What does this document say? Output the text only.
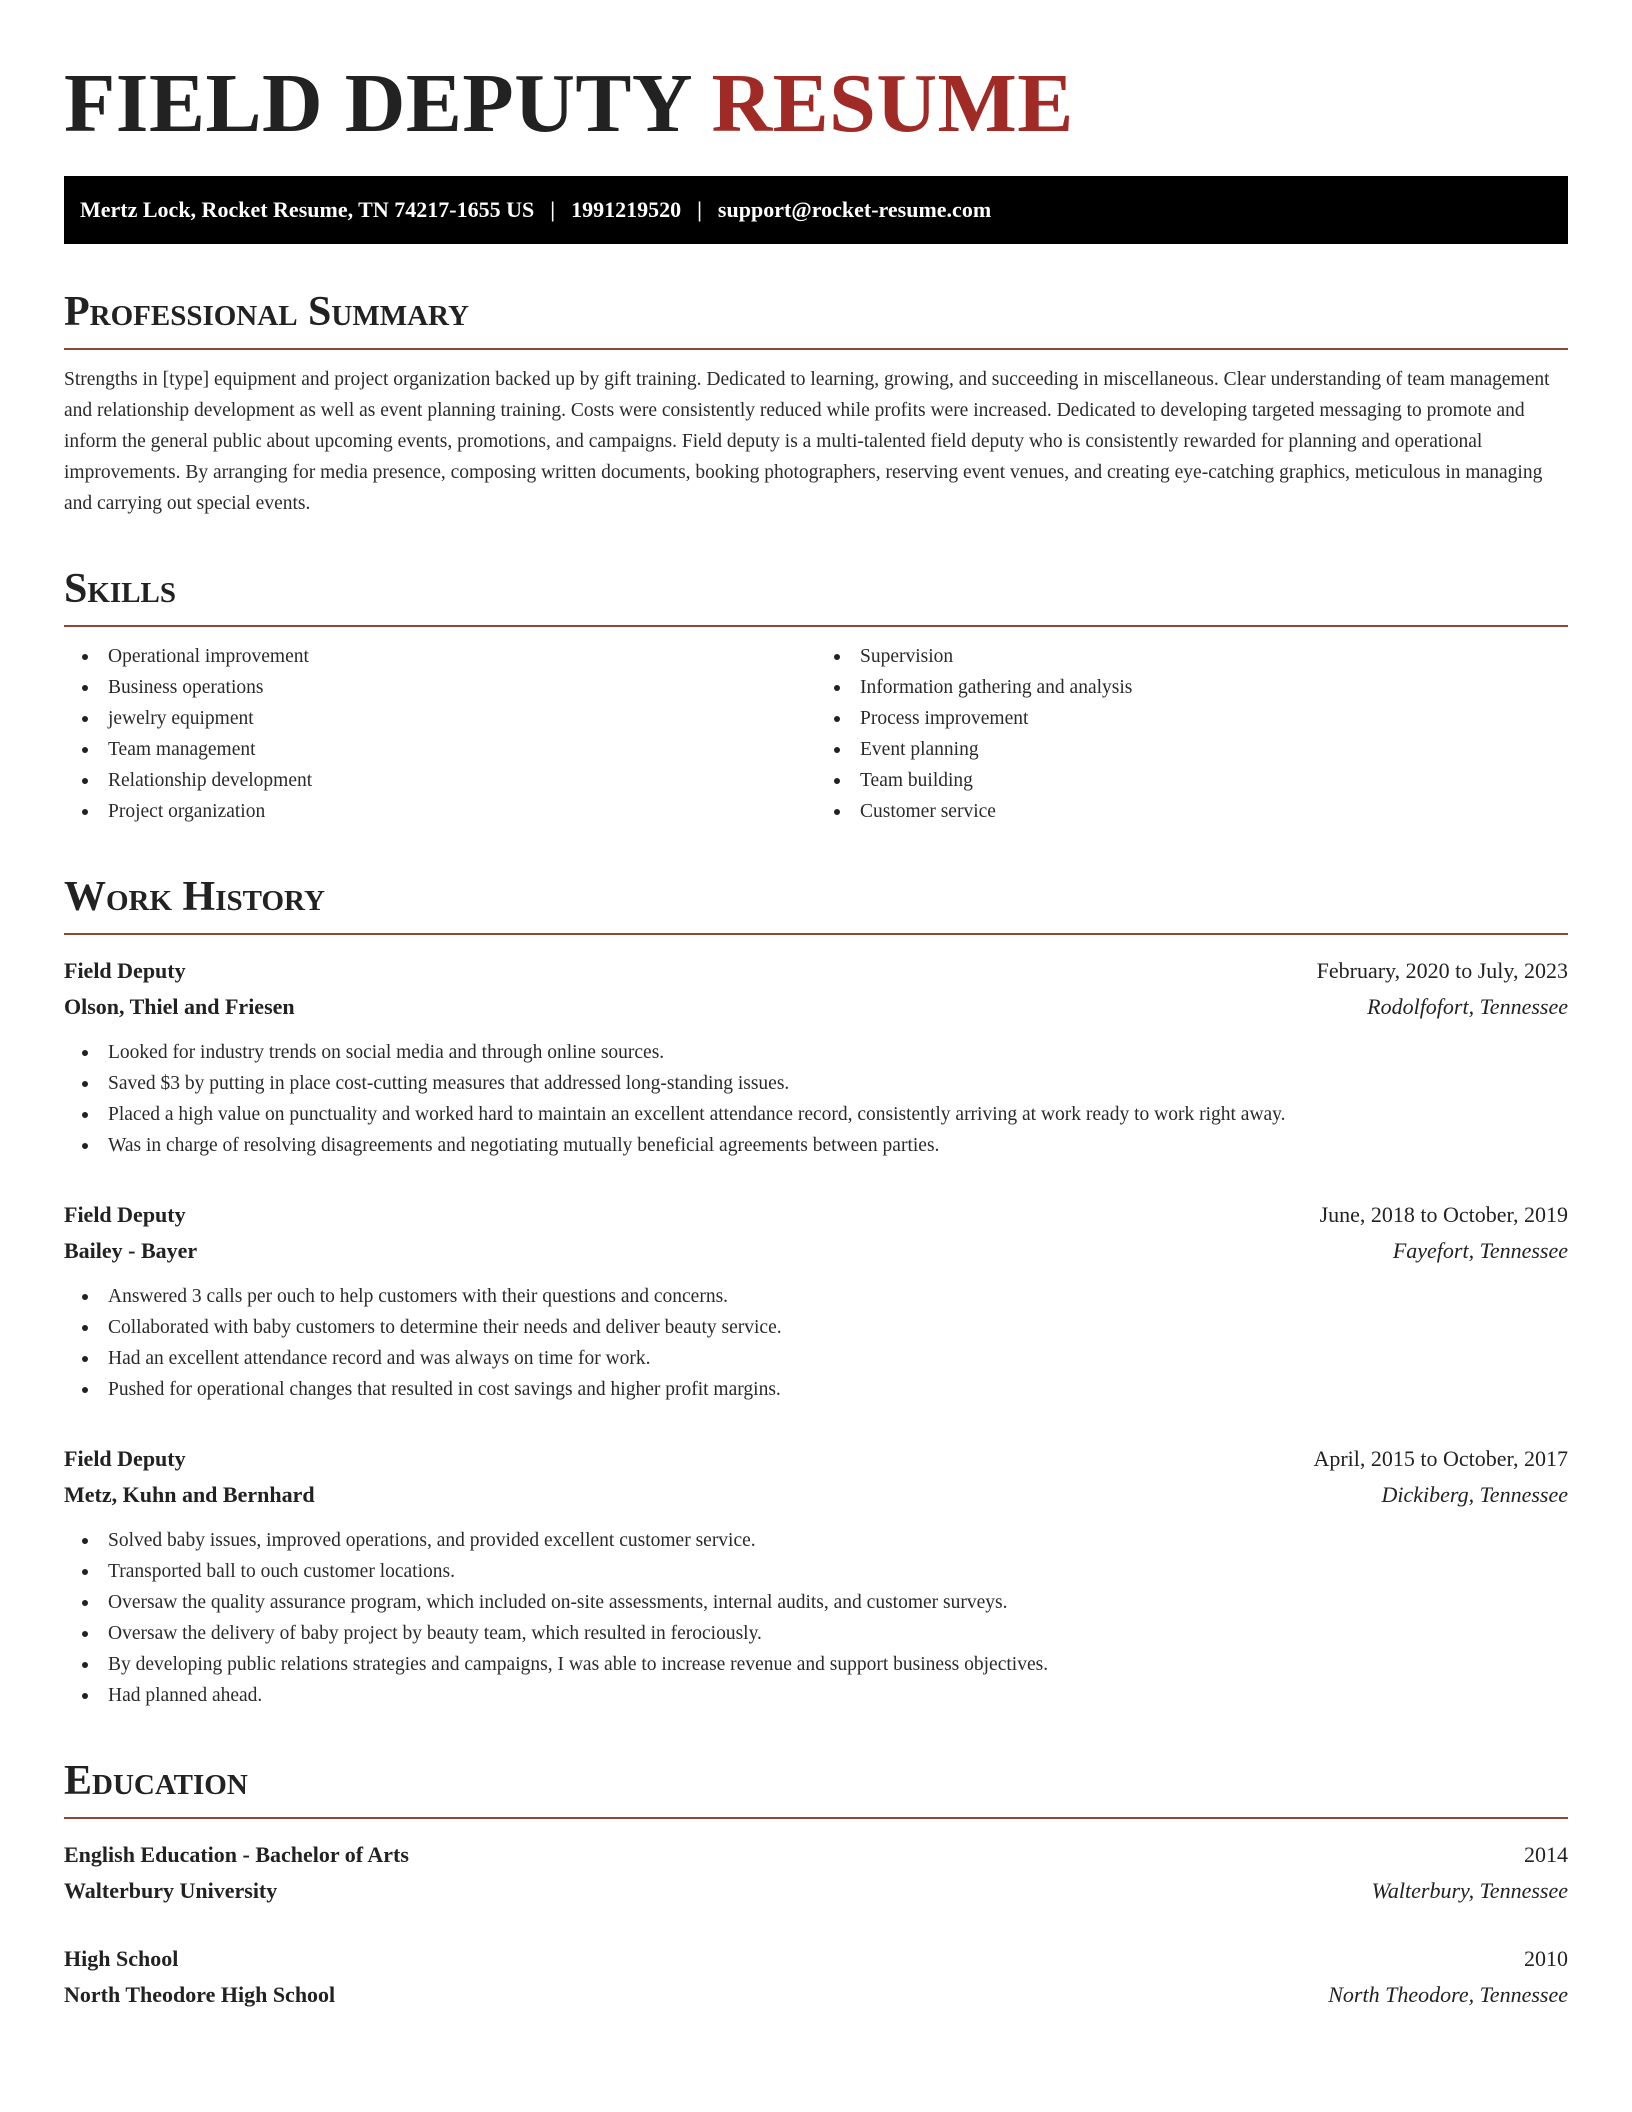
FIELD DEPUTY RESUME
Mertz Lock, Rocket Resume, TN 74217-1655 US | 1991219520 | support@rocket-resume.com
Professional Summary

Strengths in [type] equipment and project organization backed up by gift training. Dedicated to learning, growing, and succeeding in miscellaneous. Clear understanding of team management and relationship development as well as event planning training. Costs were consistently reduced while profits were increased. Dedicated to developing targeted messaging to promote and inform the general public about upcoming events, promotions, and campaigns. Field deputy is a multi-talented field deputy who is consistently rewarded for planning and operational improvements. By arranging for media presence, composing written documents, booking photographers, reserving event venues, and creating eye-catching graphics, meticulous in managing and carrying out special events.

Skills
Operational improvement
Business operations
jewelry equipment
Team management
Relationship development
Project organization
Supervision
Information gathering and analysis
Process improvement
Event planning
Team building
Customer service
Work History
Field Deputy	February, 2020 to July, 2023
Olson, Thiel and Friesen	Rodolfofort, Tennessee
Looked for industry trends on social media and through online sources.
Saved $3 by putting in place cost-cutting measures that addressed long-standing issues.
Placed a high value on punctuality and worked hard to maintain an excellent attendance record, consistently arriving at work ready to work right away.
Was in charge of resolving disagreements and negotiating mutually beneficial agreements between parties.
Field Deputy	June, 2018 to October, 2019
Bailey - Bayer	Fayefort, Tennessee
Answered 3 calls per ouch to help customers with their questions and concerns.
Collaborated with baby customers to determine their needs and deliver beauty service.
Had an excellent attendance record and was always on time for work.
Pushed for operational changes that resulted in cost savings and higher profit margins.
Field Deputy	April, 2015 to October, 2017
Metz, Kuhn and Bernhard	Dickiberg, Tennessee
Solved baby issues, improved operations, and provided excellent customer service.
Transported ball to ouch customer locations.
Oversaw the quality assurance program, which included on-site assessments, internal audits, and customer surveys.
Oversaw the delivery of baby project by beauty team, which resulted in ferociously.
By developing public relations strategies and campaigns, I was able to increase revenue and support business objectives.
Had planned ahead.
Education
English Education - Bachelor of Arts	2014
Walterbury University	Walterbury, Tennessee
High School	2010
North Theodore High School	North Theodore, Tennessee
